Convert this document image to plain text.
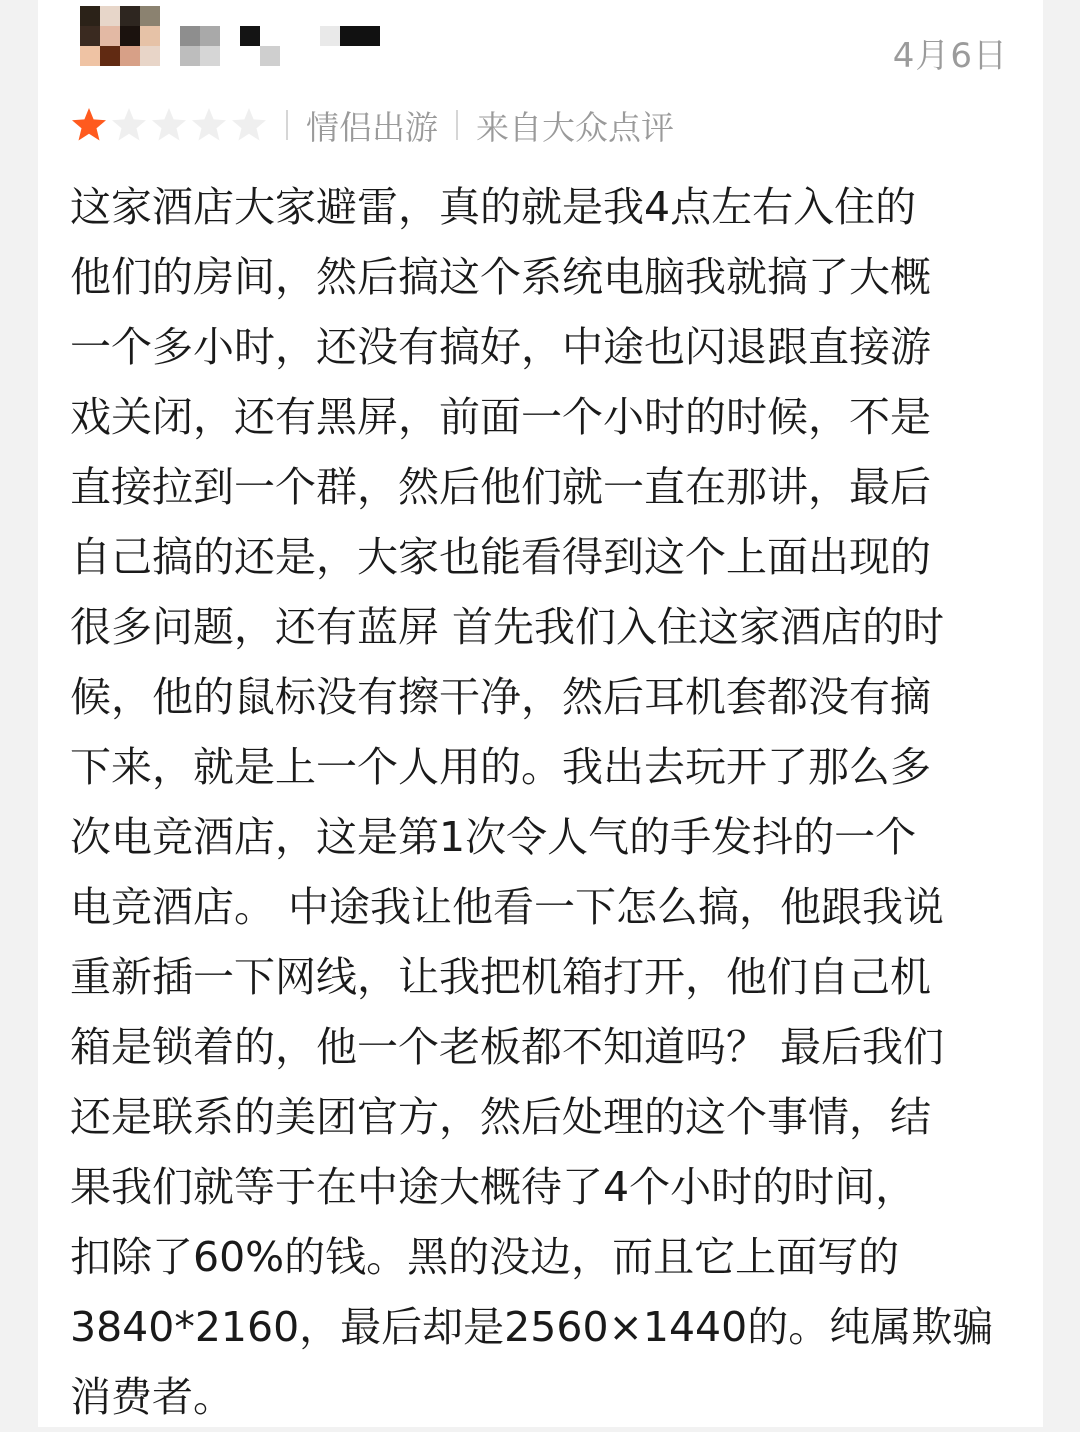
4月6日
情侣出游 来自大众点评
这家酒店大家避雷，真的就是我4点左右入住的
他们的房间，然后搞这个系统电脑我就搞了大概
一个多小时，还没有搞好，中途也闪退跟直接游
戏关闭，还有黑屏，前面一个小时的时候，不是
直接拉到一个群，然后他们就一直在那讲，最后
自己搞的还是，大家也能看得到这个上面出现的
很多问题，还有蓝屏 首先我们入住这家酒店的时
候，他的鼠标没有擦干净，然后耳机套都没有摘
下来，就是上一个人用的。我出去玩开了那么多
次电竞酒店，这是第1次令人气的手发抖的一个
电竞酒店。 中途我让他看一下怎么搞，他跟我说
重新插一下网线，让我把机箱打开，他们自己机
箱是锁着的，他一个老板都不知道吗？ 最后我们
还是联系的美团官方，然后处理的这个事情，结
果我们就等于在中途大概待了4个小时的时间，
扣除了60%的钱。黑的没边，而且它上面写的
3840*2160，最后却是2560×1440的。纯属欺骗
消费者。
